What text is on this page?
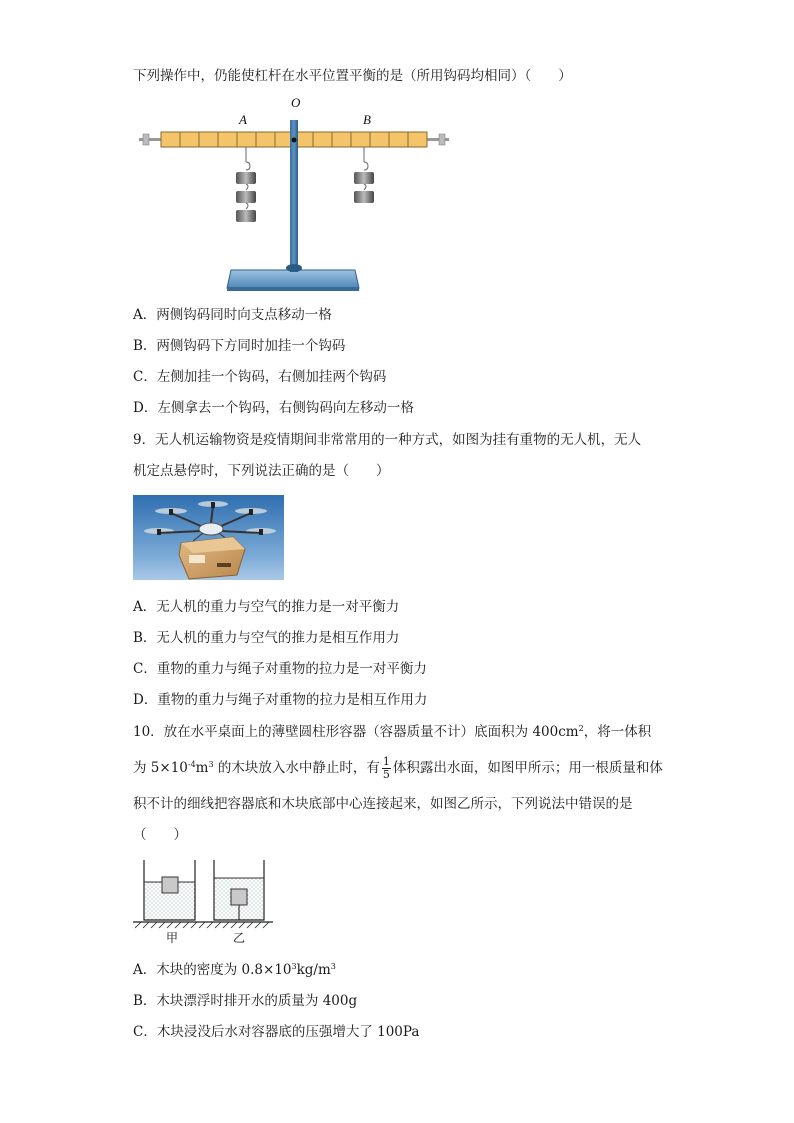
下列操作中，仍能使杠杆在水平位置平衡的是（所用钩码均相同）（　　）
O
A	B
A．两侧钩码同时向支点移动一格
B．两侧钩码下方同时加挂一个钩码
C．左侧加挂一个钩码，右侧加挂两个钩码
D．左侧拿去一个钩码，右侧钩码向左移动一格
9．无人机运输物资是疫情期间非常常用的一种方式，如图为挂有重物的无人机，无人
机定点悬停时，下列说法正确的是（　　）
A．无人机的重力与空气的推力是一对平衡力
B．无人机的重力与空气的推力是相互作用力
C．重物的重力与绳子对重物的拉力是一对平衡力
D．重物的重力与绳子对重物的拉力是相互作用力
10．放在水平桌面上的薄壁圆柱形容器（容器质量不计）底面积为 $400cm^2$，将一体积
为 $5\times 10^{-4}m^3$ 的木块放入水中静止时，有 $\frac{1}{5}$ 体积露出水面，如图甲所示；用一根质量和体
积不计的细线把容器底和木块底部中心连接起来，如图乙所示，下列说法中错误的是
（　　）
甲	乙
A．木块的密度为 $0.8\times 10^3kg/m^3$
B．木块漂浮时排开水的质量为 400g
C．木块浸没后水对容器底的压强增大了 100Pa
